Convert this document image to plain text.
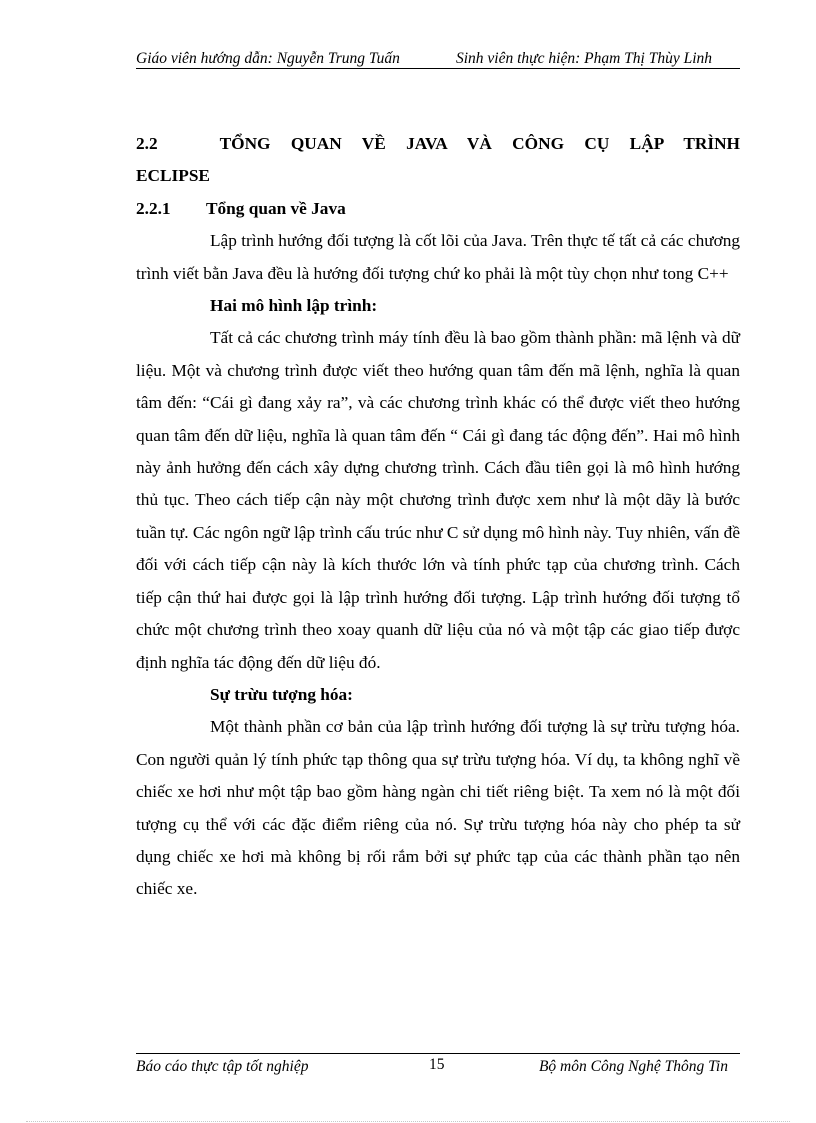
Giáo viên hướng dẫn: Nguyễn Trung Tuấn	Sinh viên thực hiện: Phạm Thị Thùy Linh

2.2	TỔNG QUAN VỀ JAVA VÀ CÔNG CỤ LẬP TRÌNH

ECLIPSE

2.2.1 Tổng quan về Java

Lập trình hướng đối tượng là cốt lõi của Java. Trên thực tế tất cả các chương trình viết bằn Java đều là hướng đối tượng chứ ko phải là một tùy chọn như tong C++

Hai mô hình lập trình:

Tất cả các chương trình máy tính đều là bao gồm thành phần: mã lệnh và dữ liệu. Một và chương trình được viết theo hướng quan tâm đến mã lệnh, nghĩa là quan tâm đến: “Cái gì đang xảy ra”, và các chương trình khác có thể được viết theo hướng quan tâm đến dữ liệu, nghĩa là quan tâm đến “ Cái gì đang tác động đến”. Hai mô hình này ảnh hưởng đến cách xây dựng chương trình. Cách đầu tiên gọi là mô hình hướng thủ tục. Theo cách tiếp cận này một chương trình được xem như là một dãy là bước tuần tự. Các ngôn ngữ lập trình cấu trúc như C sử dụng mô hình này. Tuy nhiên, vấn đề đối với cách tiếp cận này là kích thước lớn và tính phức tạp của chương trình. Cách tiếp cận thứ hai được gọi là lập trình hướng đối tượng. Lập trình hướng đối tượng tổ chức một chương trình theo xoay quanh dữ liệu của nó và một tập các giao tiếp được định nghĩa tác động đến dữ liệu đó.

Sự trừu tượng hóa:

Một thành phần cơ bản của lập trình hướng đối tượng là sự trừu tượng hóa. Con người quản lý tính phức tạp thông qua sự trừu tượng hóa. Ví dụ, ta không nghĩ về chiếc xe hơi như một tập bao gồm hàng ngàn chi tiết riêng biệt. Ta xem nó là một đối tượng cụ thể với các đặc điểm riêng của nó. Sự trừu tượng hóa này cho phép ta sử dụng chiếc xe hơi mà không bị rối rắm bởi sự phức tạp của các thành phần tạo nên chiếc xe.

Báo cáo thực tập tốt nghiệp	15	Bộ môn Công Nghệ Thông Tin
